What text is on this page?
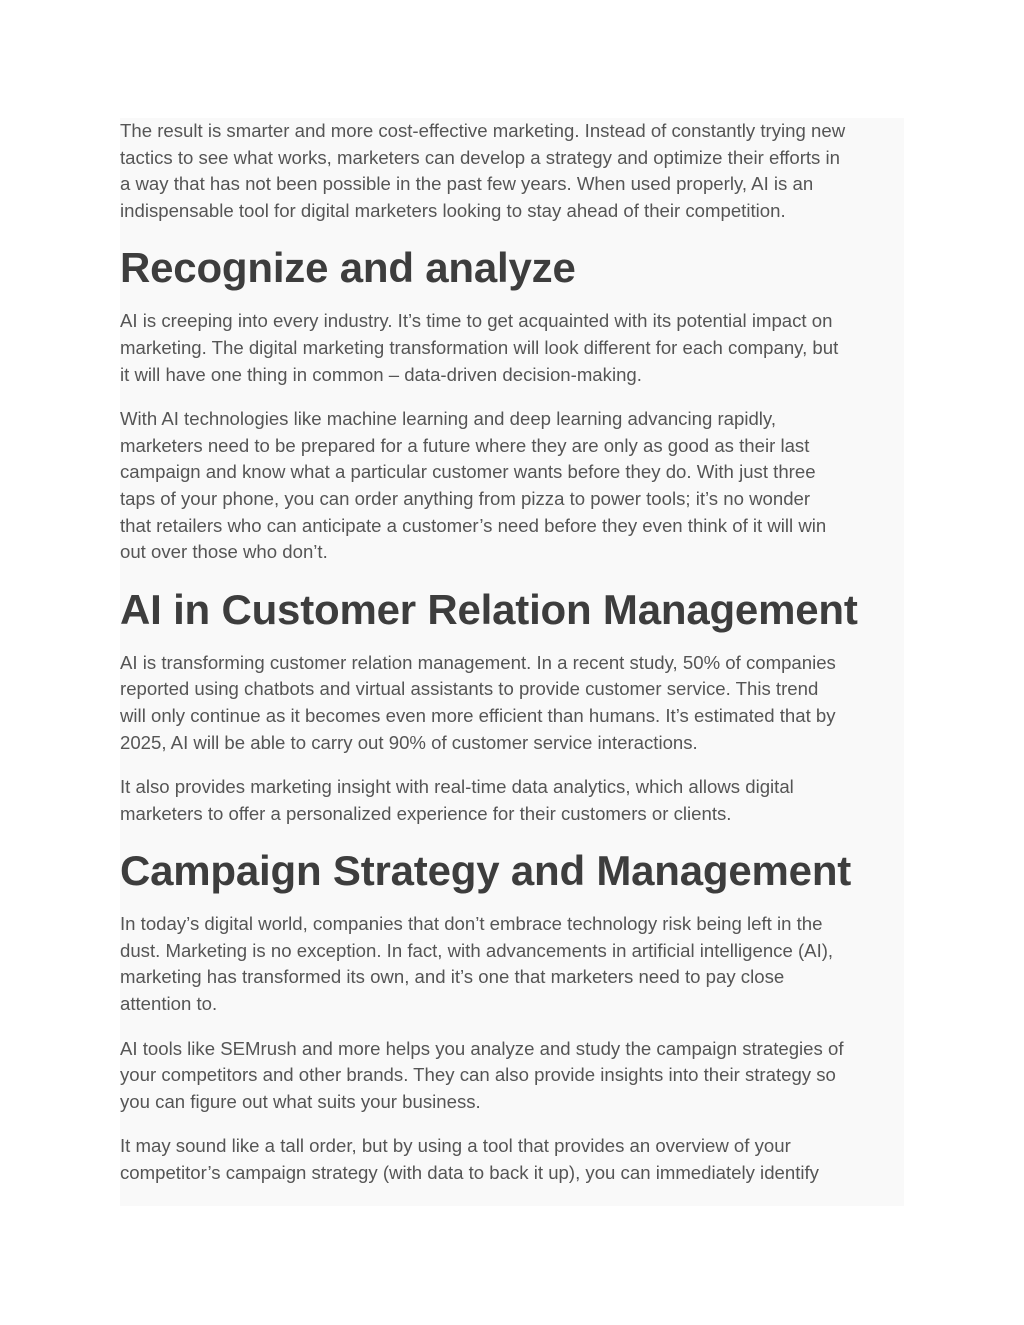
The result is smarter and more cost-effective marketing. Instead of constantly trying new
tactics to see what works, marketers can develop a strategy and optimize their efforts in
a way that has not been possible in the past few years. When used properly, AI is an
indispensable tool for digital marketers looking to stay ahead of their competition.

Recognize and analyze

AI is creeping into every industry. It’s time to get acquainted with its potential impact on
marketing. The digital marketing transformation will look different for each company, but
it will have one thing in common – data-driven decision-making.

With AI technologies like machine learning and deep learning advancing rapidly,
marketers need to be prepared for a future where they are only as good as their last
campaign and know what a particular customer wants before they do. With just three
taps of your phone, you can order anything from pizza to power tools; it’s no wonder
that retailers who can anticipate a customer’s need before they even think of it will win
out over those who don’t.

AI in Customer Relation Management

AI is transforming customer relation management. In a recent study, 50% of companies
reported using chatbots and virtual assistants to provide customer service. This trend
will only continue as it becomes even more efficient than humans. It’s estimated that by
2025, AI will be able to carry out 90% of customer service interactions.

It also provides marketing insight with real-time data analytics, which allows digital
marketers to offer a personalized experience for their customers or clients.

Campaign Strategy and Management

In today’s digital world, companies that don’t embrace technology risk being left in the
dust. Marketing is no exception. In fact, with advancements in artificial intelligence (AI),
marketing has transformed its own, and it’s one that marketers need to pay close
attention to.

AI tools like SEMrush and more helps you analyze and study the campaign strategies of
your competitors and other brands. They can also provide insights into their strategy so
you can figure out what suits your business.

It may sound like a tall order, but by using a tool that provides an overview of your
competitor’s campaign strategy (with data to back it up), you can immediately identify
